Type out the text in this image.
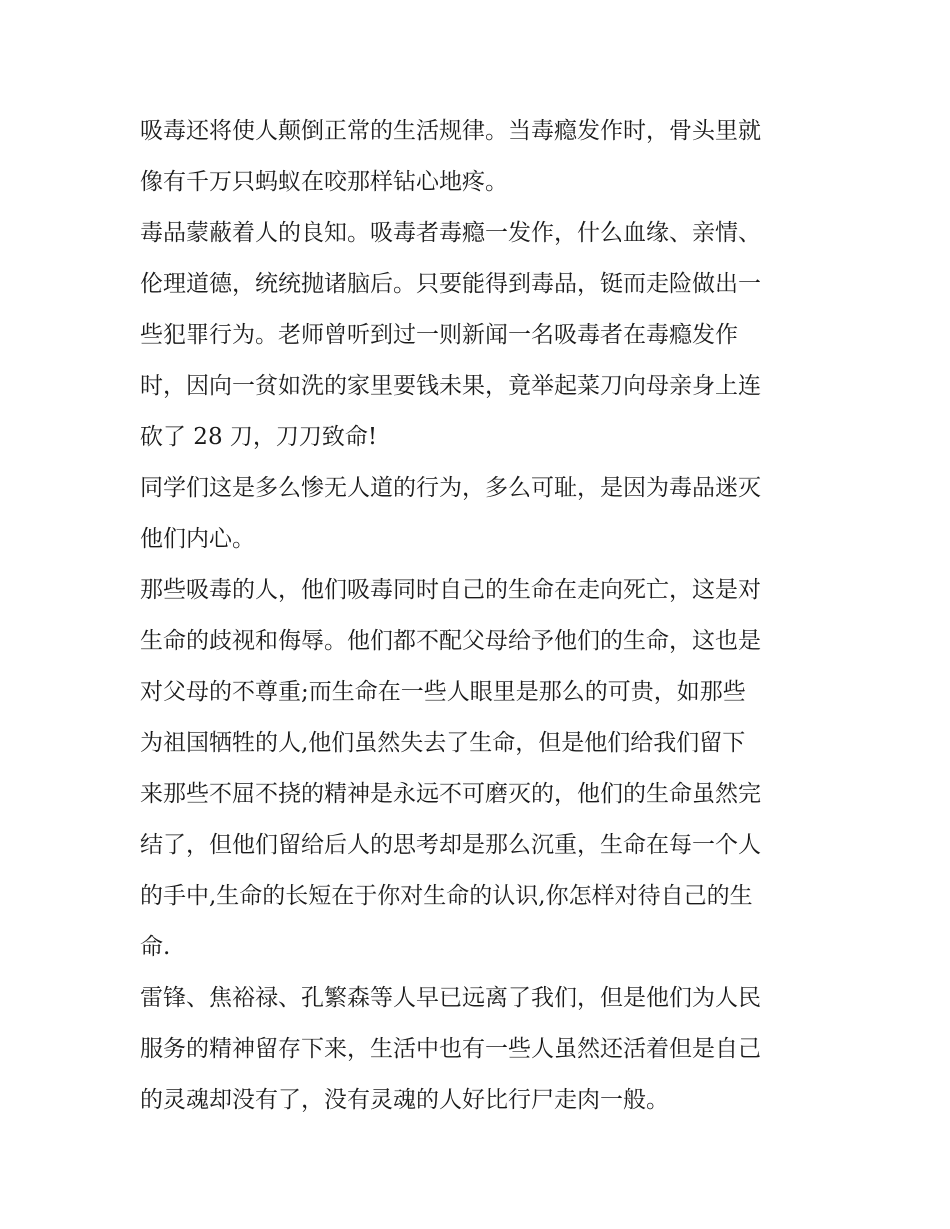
吸毒还将使人颠倒正常的生活规律。当毒瘾发作时，骨头里就
像有千万只蚂蚁在咬那样钻心地疼。
毒品蒙蔽着人的良知。吸毒者毒瘾一发作，什么血缘、亲情、
伦理道德，统统抛诸脑后。只要能得到毒品，铤而走险做出一
些犯罪行为。老师曾听到过一则新闻一名吸毒者在毒瘾发作
时，因向一贫如洗的家里要钱未果，竟举起菜刀向母亲身上连
砍了 28 刀，刀刀致命!
同学们这是多么惨无人道的行为，多么可耻，是因为毒品迷灭
他们内心。
那些吸毒的人，他们吸毒同时自己的生命在走向死亡，这是对
生命的歧视和侮辱。他们都不配父母给予他们的生命，这也是
对父母的不尊重;而生命在一些人眼里是那么的可贵，如那些
为祖国牺牲的人,他们虽然失去了生命，但是他们给我们留下
来那些不屈不挠的精神是永远不可磨灭的，他们的生命虽然完
结了，但他们留给后人的思考却是那么沉重，生命在每一个人
的手中,生命的长短在于你对生命的认识,你怎样对待自己的生
命.
雷锋、焦裕禄、孔繁森等人早已远离了我们，但是他们为人民
服务的精神留存下来，生活中也有一些人虽然还活着但是自己
的灵魂却没有了，没有灵魂的人好比行尸走肉一般。
